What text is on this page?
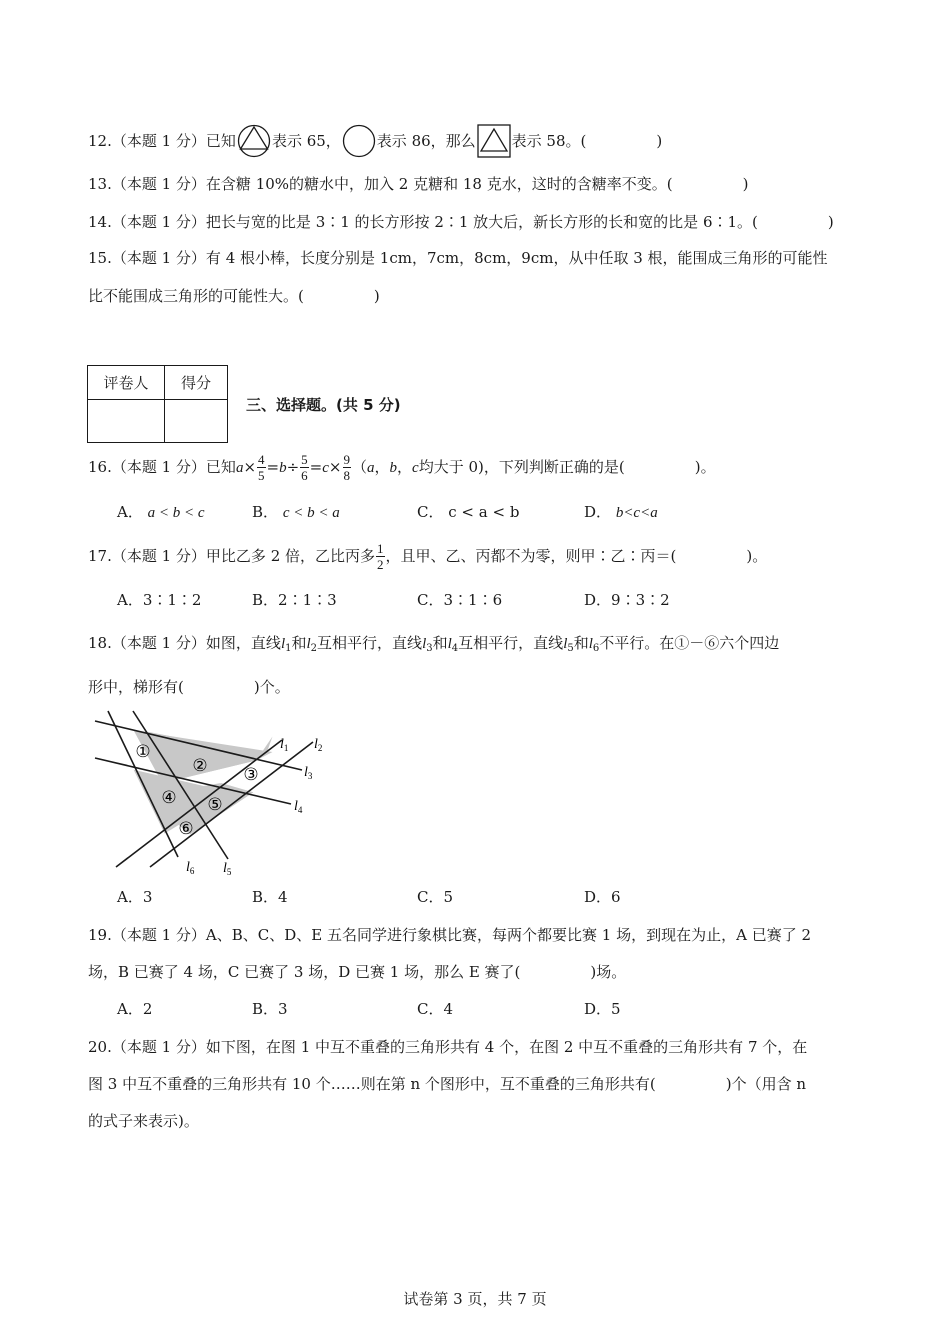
12.（本题 1 分）已知 表示 65， 表示 86，那么 表示 58。(	)
13.（本题 1 分）在含糖 10%的糖水中，加入 2 克糖和 18 克水，这时的含糖率不变。(	)
14.（本题 1 分）把长与宽的比是 3∶1 的长方形按 2∶1 放大后，新长方形的长和宽的比是 6∶1。(	)
15.（本题 1 分）有 4 根小棒，长度分别是 1cm，7cm，8cm，9cm，从中任取 3 根，能围成三角形的可能性
比不能围成三角形的可能性大。(	)
评卷人	得分

三、选择题。(共 5 分)
16.（本题 1 分）已知$a\times \frac{4}{5} =b\div \frac{5}{6} =c\times \frac{9}{8} (a$，b，c均大于 0)，下列判断正确的是(	)。
A． a < b < c	B． c < b < a	C． c < a < b	D． b<c<a
17.（本题 1 分）甲比乙多 2 倍，乙比丙多 $\frac{1}{2}$ ，且甲、乙、丙都不为零，则甲∶乙∶丙＝(	)。
A．3∶1∶2	B．2∶1∶3	C．3∶1∶6	D．9∶3∶2
18.（本题 1 分）如图，直线$l_1$和$l_2$互相平行，直线$l_3$和$l_4$互相平行，直线$l_5$和$l_6$不平行。在①－⑥六个四边
形中，梯形有(	)个。
①
② ③
④ ⑤
⑥
$l_1$ $l_2$
$l_3$
$l_4$
$l_5$
$l_6$
A．3	B．4	C．5	D．6
19.（本题 1 分）A、B、C、D、E 五名同学进行象棋比赛，每两个都要比赛 1 场，到现在为止，A 已赛了 2
场，B 已赛了 4 场，C 已赛了 3 场，D 已赛 1 场，那么 E 赛了(	)场。
A．2	B．3	C．4	D．5
20.（本题 1 分）如下图，在图 1 中互不重叠的三角形共有 4 个，在图 2 中互不重叠的三角形共有 7 个，在
图 3 中互不重叠的三角形共有 10 个……则在第 n 个图形中，互不重叠的三角形共有(	)个（用含 n
的式子来表示)。
试卷第 3 页，共 7 页
